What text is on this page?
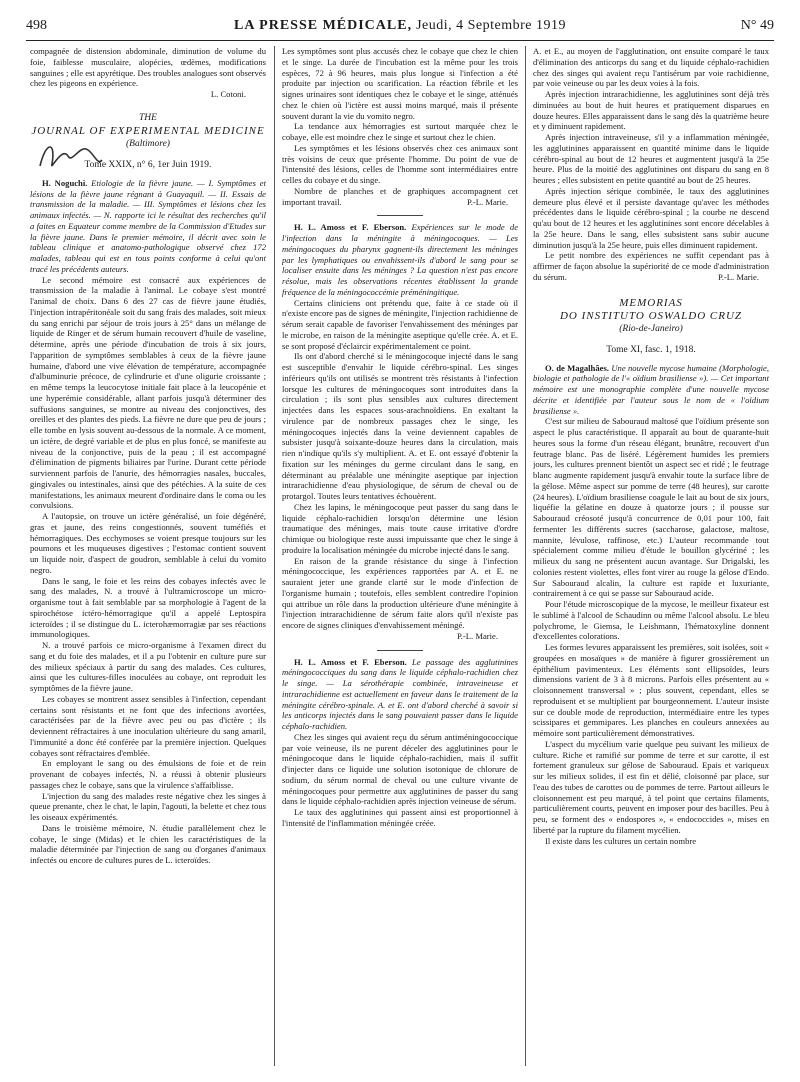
498	LA PRESSE MÉDICALE, Jeudi, 4 Septembre 1919	N° 49

compagnée de distension abdominale, diminution de volume du foie, faiblesse musculaire, alopécies, œdèmes, modifications sanguines ; elle est apyrétique. Des troubles analogues sont observés chez les pigeons en expérience.

L. Cotoni.
THE
JOURNAL OF EXPERIMENTAL MEDICINE
(Baltimore)
Tome XXIX, n° 6, 1er Juin 1919.

H. Noguchi. Etiologie de la fièvre jaune. — I. Symptômes et lésions de la fièvre jaune régnant à Guayaquil. — II. Essais de transmission de la maladie. — III. Symptômes et lésions chez les animaux infectés. — N. rapporte ici le résultat des recherches qu'il a faites en Equateur comme membre de la Commission d'Etudes sur la fièvre jaune. Dans le premier mémoire, il décrit avec soin le tableau clinique et anatomo-pathologique observé chez 172 malades, tableau qui est en tous points conforme à celui qu'ont tracé les précédents auteurs.

Le second mémoire est consacré aux expériences de transmission de la maladie à l'animal. Le cobaye s'est montré l'animal de choix. Dans 6 des 27 cas de fièvre jaune étudiés, l'injection intrapéritonéale soit du sang frais des malades, soit mieux du sang enrichi par séjour de trois jours à 25° dans un mélange de liquide de Ringer et de sérum humain recouvert d'huile de vaseline, détermine, après une période d'incubation de trois à six jours, l'apparition de symptômes semblables à ceux de la fièvre jaune humaine, d'abord une vive élévation de température, accompagnée d'albuminurie précoce, de cylindrurie et d'une oligurie croissante ; en même temps la leucocytose initiale fait place à la leucopénie et une hyperémie considérable, allant parfois jusqu'à déterminer des suffusions sanguines, se montre au niveau des conjonctives, des oreilles et des plantes des pieds. La fièvre ne dure que peu de jours ; elle tombe en lysis souvent au-dessous de la normale. A ce moment, un ictère, de degré variable et de plus en plus foncé, se manifeste au niveau de la conjonctive, puis de la peau ; il est accompagné d'élimination de pigments biliaires par l'urine. Durant cette période surviennent parfois de l'anurie, des hémorragies nasales, buccales, gingivales ou intestinales, ainsi que des pétéchies. A la suite de ces manifestations, les animaux meurent d'ordinaire dans le coma ou les convulsions.

A l'autopsie, on trouve un ictère généralisé, un foie dégénéré, gras et jaune, des reins congestionnés, souvent tuméfiés et hémorragiques. Des ecchymoses se voient presque toujours sur les poumons et les muqueuses digestives ; l'estomac contient souvent un liquide noir, d'aspect de goudron, semblable à celui du vomito negro.

Dans le sang, le foie et les reins des cobayes infectés avec le sang des malades, N. a trouvé à l'ultramicroscope un micro-organisme tout à fait semblable par sa morphologie à l'agent de la spirochétose ictéro-hémorragique qu'il a appelé Leptospira icteroïdes ; il se distingue du L. icterohæmorragiæ par ses réactions immunologiques.

N. a trouvé parfois ce micro-organisme à l'examen direct du sang et du foie des malades, et il a pu l'obtenir en culture pure sur des milieux spéciaux à partir du sang des malades. Ces cultures, ainsi que les cultures-filles inoculées au cobaye, ont reproduit les symptômes de la fièvre jaune.

Les cobayes se montrent assez sensibles à l'infection, cependant certains sont résistants et ne font que des infections avortées, caractérisées par de la fièvre avec peu ou pas d'ictère ; ils deviennent réfractaires à une inoculation ultérieure du sang amaril, l'immunité a donc été conférée par la première injection. Quelques cobayes sont réfractaires d'emblée.

En employant le sang ou des émulsions de foie et de rein provenant de cobayes infectés, N. a réussi à obtenir plusieurs passages chez le cobaye, sans que la virulence s'affaiblisse.

L'injection du sang des malades reste négative chez les singes à queue prenante, chez le chat, le lapin, l'agouti, la belette et chez tous les oiseaux expérimentés.

Dans le troisième mémoire, N. étudie parallèlement chez le cobaye, le singe (Midas) et le chien les caractéristiques de la maladie déterminée par l'injection de sang ou d'organes d'animaux infectés ou encore de cultures pures de L. icteroïdes.

Les symptômes sont plus accusés chez le cobaye que chez le chien et le singe. La durée de l'incubation est la même pour les trois espèces, 72 à 96 heures, mais plus longue si l'infection a été produite par injection ou scarification. La réaction fébrile et les signes urinaires sont identiques chez le cobaye et le singe, atténués chez le chien où l'ictère est aussi moins marqué, mais il présente souvent durant la vie du vomito negro.

La tendance aux hémorragies est surtout marquée chez le cobaye, elle est moindre chez le singe et surtout chez le chien.

Les symptômes et les lésions observés chez ces animaux sont très voisins de ceux que présente l'homme. Du point de vue de l'intensité des lésions, celles de l'homme sont intermédiaires entre celles du cobaye et du singe.

Nombre de planches et de graphiques accompagnent cet important travail.	P.-L. Marie.

H. L. Amoss et F. Eberson. Expériences sur le mode de l'infection dans la méningite à méningocoques. — Les méningocoques du pharynx gagnent-ils directement les méninges par les lymphatiques ou envahissent-ils d'abord le sang pour se localiser ensuite dans les méninges ? La question n'est pas encore résolue, mais les observations récentes établissent la grande fréquence de la méningococcémie préméningitique.

Certains cliniciens ont prétendu que, faite à ce stade où il n'existe encore pas de signes de méningite, l'injection rachidienne de sérum serait capable de favoriser l'envahissement des méninges par le microbe, en raison de la méningite aseptique qu'elle crée. A. et E. se sont proposé d'éclaircir expérimentalement ce point.

Ils ont d'abord cherché si le méningocoque injecté dans le sang est susceptible d'envahir le liquide cérébro-spinal. Les singes inférieurs qu'ils ont utilisés se montrent très résistants à l'infection lorsque les cultures de méningocoques sont introduites dans la circulation ; ils sont plus sensibles aux cultures directement injectées dans les espaces sous-arachnoïdiens. En exaltant la virulence par de nombreux passages chez le singe, les méningocoques injectés dans la veine deviennent capables de subsister jusqu'à soixante-douze heures dans la circulation, mais rien n'indique qu'ils s'y multiplient. A. et E. ont essayé d'obtenir la fixation sur les méninges du germe circulant dans le sang, en déterminant au préalable une méningite aseptique par injection intrarachidienne d'eau physiologique, de sérum de cheval ou de protargol. Toutes leurs tentatives échouèrent.

Chez les lapins, le méningocoque peut passer du sang dans le liquide céphalo-rachidien lorsqu'on détermine une lésion traumatique des méninges, mais toute cause irritative d'ordre chimique ou biologique reste aussi impuissante que chez le singe à produire la localisation méningée du microbe injecté dans le sang.

En raison de la grande résistance du singe à l'infection méningococcique, les expériences rapportées par A. et E. ne sauraient jeter une grande clarté sur le mode d'infection de l'organisme humain ; toutefois, elles semblent contredire l'opinion qui attribue un rôle dans la production ultérieure d'une méningite à l'injection intrarachidienne de sérum faite alors qu'il n'existe pas encore de signes cliniques d'envahissement méningé.

P.-L. Marie.

H. L. Amoss et F. Eberson. Le passage des agglutinines méningococciques du sang dans le liquide céphalo-rachidien chez le singe. — La sérothérapie combinée, intraveineuse et intrarachidienne est actuellement en faveur dans le traitement de la méningite cérébro-spinale. A. et E. ont d'abord cherché à savoir si les anticorps injectés dans le sang pouvaient passer dans le liquide céphalo-rachidien.

Chez les singes qui avaient reçu du sérum antiméningococcique par voie veineuse, ils ne purent déceler des agglutinines pour le méningocoque dans le liquide céphalo-rachidien, mais il suffit d'injecter dans ce liquide une solution isotonique de chlorure de sodium, du sérum normal de cheval ou une culture vivante de méningocoques pour permettre aux agglutinines de passer du sang dans le liquide céphalo-rachidien après injection veineuse de sérum.

Le taux des agglutinines qui passent ainsi est proportionnel à l'intensité de l'inflammation méningée créée.

A. et E., au moyen de l'agglutination, ont ensuite comparé le taux d'élimination des anticorps du sang et du liquide céphalo-rachidien chez des singes qui avaient reçu l'antisérum par voie rachidienne, par voie veineuse ou par les deux voies à la fois.

Après injection intrarachidienne, les agglutinines sont déjà très diminuées au bout de huit heures et pratiquement disparues en douze heures. Elles apparaissent dans le sang dès la quatrième heure et y diminuent rapidement.

Après injection intraveineuse, s'il y a inflammation méningée, les agglutinines apparaissent en quantité minime dans le liquide cérébro-spinal au bout de 12 heures et augmentent jusqu'à la 25e heure. Plus de la moitié des agglutinines ont disparu du sang en 8 heures ; elles subsistent en petite quantité au bout de 25 heures.

Après injection sérique combinée, le taux des agglutinines demeure plus élevé et il persiste davantage qu'avec les méthodes précédentes dans le liquide cérébro-spinal ; la courbe ne descend qu'au bout de 12 heures et les agglutinines sont encore décelables à la 25e heure. Dans le sang, elles subsistent sans subir aucune diminution jusqu'à la 25e heure, puis elles diminuent rapidement.

Le petit nombre des expériences ne suffit cependant pas à affirmer de façon absolue la supériorité de ce mode d'administration du sérum.	P.-L. Marie.

MEMORIAS
DO INSTITUTO OSWALDO CRUZ
(Rio-de-Janeiro)
Tome XI, fasc. 1, 1918.

O. de Magalhães. Une nouvelle mycose humaine (Morphologie, biologie et pathologie de l'« oïdium brasiliense »). — Cet important mémoire est une monographie complète d'une nouvelle mycose décrite et identifiée par l'auteur sous le nom de « l'oïdium brasiliense ».

C'est sur milieu de Sabouraud maltosé que l'oïdium présente son aspect le plus caractéristique. Il apparaît au bout de quarante-huit heures sous la forme d'un réseau élégant, brunâtre, recouvert d'un feutrage blanc. Pas de liséré. Légèrement humides les premiers jours, les cultures prennent bientôt un aspect sec et ridé ; le feutrage blanc augmente rapidement jusqu'à envahir toute la surface libre de la gélose. Même aspect sur pomme de terre (48 heures), sur carotte (24 heures). L'oïdium brasiliense coagule le lait au bout de six jours, liquéfie la gélatine en douze à quatorze jours ; il pousse sur Sabouraud créosoté jusqu'à concurrence de 0,01 pour 100, fait fermenter les différents sucres (saccharose, galactose, maltose, mannite, lévulose, raffinose, etc.) L'auteur recommande tout spécialement comme milieu d'étude le bouillon glycériné ; les milieux du sang ne présentent aucun avantage. Sur Drigalski, les colonies restent violettes, elles font virer au rouge la gélose d'Endo. Sur Sabouraud alcalin, la culture est rapide et luxuriante, contrairement à ce qui se passe sur Sabouraud acide.

Pour l'étude microscopique de la mycose, le meilleur fixateur est le sublimé à l'alcool de Schaudinn ou même l'alcool absolu. Le bleu polychrome, le Giemsa, le Leishmann, l'hématoxyline donnent d'excellentes colorations.

Les formes levures apparaissent les premières, soit isolées, soit « groupées en mosaïques » de manière à figurer grossièrement un épithélium pavimenteux. Les éléments sont ellipsoïdes, leurs dimensions varient de 3 à 8 microns. Parfois elles présentent au « cloisonnement transversal » ; plus souvent, cependant, elles se reproduisent et se multiplient par bourgeonnement. L'auteur insiste sur ce double mode de reproduction, intermédiaire entre les types scissipares et gemmipares. Les planches en couleurs annexées au mémoire sont particulièrement démonstratives.

L'aspect du mycélium varie quelque peu suivant les milieux de culture. Riche et ramifié sur pomme de terre et sur carotte, il est fortement granuleux sur gélose de Sabouraud. Epais et variqueux sur les milieux solides, il est fin et délié, cloisonné par place, sur l'eau des tubes de carottes ou de pommes de terre. Partout ailleurs le cloisonnement est peu marqué, à tel point que certains filaments, particulièrement courts, peuvent en imposer pour des bacilles. Peu à peu, se forment des « endospores », « endococcides », mises en liberté par la rupture du filament mycélien.

Il existe dans les cultures un certain nombre
